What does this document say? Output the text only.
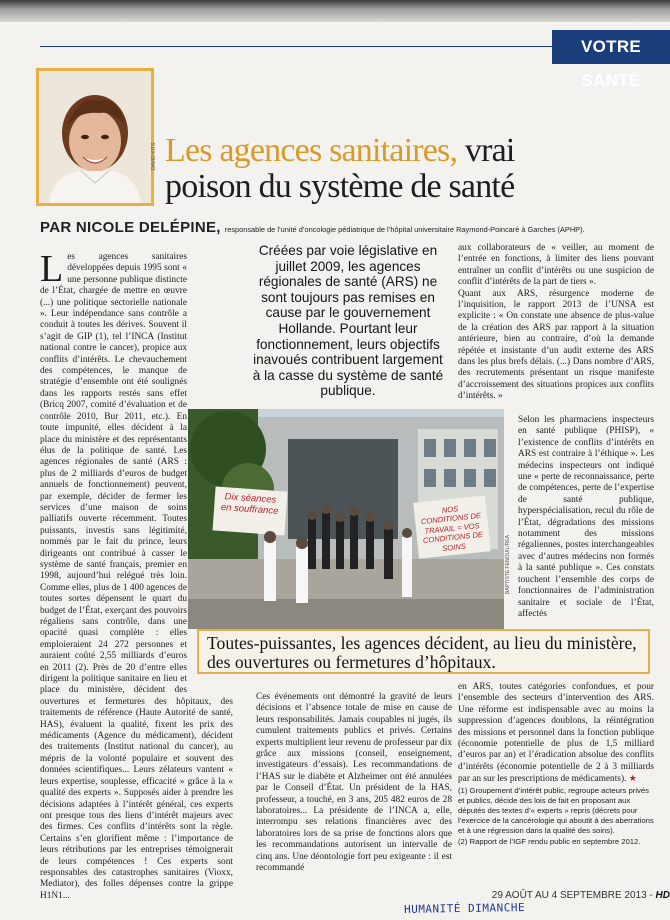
VOTRE SANTÉ
DAVID KITS Les agences sanitaires, vrai
poison du système de santé
PAR NICOLE DELÉPINE, responsable de l’unité d’oncologie pédiatrique de l’hôpital universitaire Raymond-Poincaré à Garches (APHP).
L es agences sanitaires développées depuis 1995 sont « une personne publique distincte de l’État, chargée de mettre en œuvre (...) une politique sectorielle nationale ». Leur indépendance sans contrôle a conduit à toutes les dérives. Souvent il s’agit de GIP (1), tel l’INCA (Institut national contre le cancer), propice aux conflits d’intérêts. Le chevauchement des compétences, le manque de stratégie d’ensemble ont été soulignés dans les rapports restés sans effet (Bricq 2007, comité d’évaluation et de contrôle 2010, Bur 2011, etc.). En toute impunité, elles décident à la place du ministère et des représentants élus de la politique de santé. Les agences régionales de santé (ARS : plus de 2 milliards d’euros de budget annuels de fonctionnement) peuvent, par exemple, décider de fermer les services d’une maison de soins palliatifs ouverte récemment. Toutes puissants, investis sans légitimité, nommés par le fait du prince, leurs dirigeants ont contribué à casser le système de santé français, premier en 1998, aujourd’hui relégué très loin. Comme elles, plus de 1 400 agences de toutes sortes dépensent le quart du budget de l’État, exerçant des pouvoirs régaliens sans contrôle, dans une opacité quasi complète : elles emploieraient 24 272 personnes et auraient coûté 2,55 milliards d’euros en 2011 (2). Près de 20 d’entre elles dirigent la politique sanitaire en lieu et place du ministère, décident des ouvertures et fermetures des hôpitaux, des traitements de référence (Haute Autorité de santé, HAS), évaluent la qualité, fixent les prix des médicaments (Agence du médicament), décident des traitements (Institut national du cancer), au mépris de la volonté populaire et souvent des données scientifiques... Leurs zélateurs vantent « leurs expertise, souplesse, efficacité » grâce à la « qualité des experts ». Supposés aider à prendre les décisions adaptées à l’intérêt général, ces experts ont presque tous des liens d’intérêt majeurs avec des firmes. Ces conflits d’intérêts sont la règle. Certains s’en glorifient même : l’importance de leurs rétributions par les entreprises témoignerait de leurs compétences ! Ces experts sont responsables des catastrophes sanitaires (Vioxx, Mediator), des folles dépenses contre la grippe H1N1...

Créées par voie législative en juillet 2009, les agences régionales de santé (ARS) ne sont toujours pas remises en cause par le gouvernement Hollande. Pourtant leur fonctionnement, leurs objectifs inavoués contribuent largement à la casse du système de santé publique.

aux collaborateurs de « veiller, au moment de l’entrée en fonctions, à limiter des liens pouvant entraîner un conflit d’intérêts ou une suspicion de conflit d’intérêts de la part de tiers ».

Quant aux ARS, résurgence moderne de l’inquisition, le rapport 2013 de l’UNSA est explicite : « On constate une absence de plus-value de la création des ARS par rapport à la situation antérieure, bien au contraire, d’où la demande répétée et insistante d’un audit externe des ARS dans les plus brefs délais. (...) Dans nombre d’ARS, des recrutements présentant un risque manifeste d’accroissement des situations propices aux conflits d’intérêts. »

Selon les pharmaciens inspecteurs en santé publique (PHISP), « l’existence de conflits d’intérêts en ARS est contraire à l’éthique ». Les médecins inspecteurs ont indiqué une « perte de reconnaissance, perte de compétences, perte de l’expertise de santé publique, hyperspécialisation, recul du rôle de l’État, dégradations des missions notamment des missions régaliennes, postes interchangeables avec d’autres médecins non formés à la santé publique ». Ces constats touchent l’ensemble des corps de fonctionnaires de l’administration sanitaire et sociale de l’État, affectés

Dix séances en souffrance	NOS CONDITIONS DE TRAVAIL = VOS CONDITIONS DE SOINS	BAPTISTE FENOUIL/REA
Toutes-puissantes, les agences décident, au lieu du ministère, des ouvertures ou fermetures d’hôpitaux.
Ces événements ont démontré la gravité de leurs décisions et l’absence totale de mise en cause de leurs responsabilités. Jamais coupables ni jugés, ils cumulent traitements publics et privés. Certains experts multiplient leur revenu de professeur par dix grâce aux missions (conseil, enseignement, investigateurs d’essais). Les recommandations de l’HAS sur le diabète et Alzheimer ont été annulées par le Conseil d’État. Un président de la HAS, professeur, a touché, en 3 ans, 205 482 euros de 28 laboratoires... La présidente de l’INCA a, elle, interrompu ses relations financières avec des laboratoires lors de sa prise de fonctions alors que les recommandations autorisent un intervalle de cinq ans. Une déontologie fort peu exigeante : il est recommandé

en ARS, toutes catégories confondues, et pour l’ensemble des secteurs d’intervention des ARS. Une réforme est indispensable avec au moins la suppression d’agences doublons, la réintégration des missions et personnel dans la fonction publique (économie potentielle de plus de 1,5 milliard d’euros par an) et l’éradication absolue des conflits d’intérêts (économie potentielle de 2 à 3 milliards par an sur les prescriptions de médicaments). ★

(1) Groupement d’intérêt public, regroupe acteurs privés et publics, décide des lois de fait en proposant aux députés des textes d’« experts » repris (décrets pour l’exercice de la cancérologie qui aboutit à des aberrations et à une régression dans la qualité des soins).

(2) Rapport de l’IGF rendu public en septembre 2012.

29 AOÛT AU 4 SEPTEMBRE 2013 - HD
HUMANITÉ DIMANCHE
